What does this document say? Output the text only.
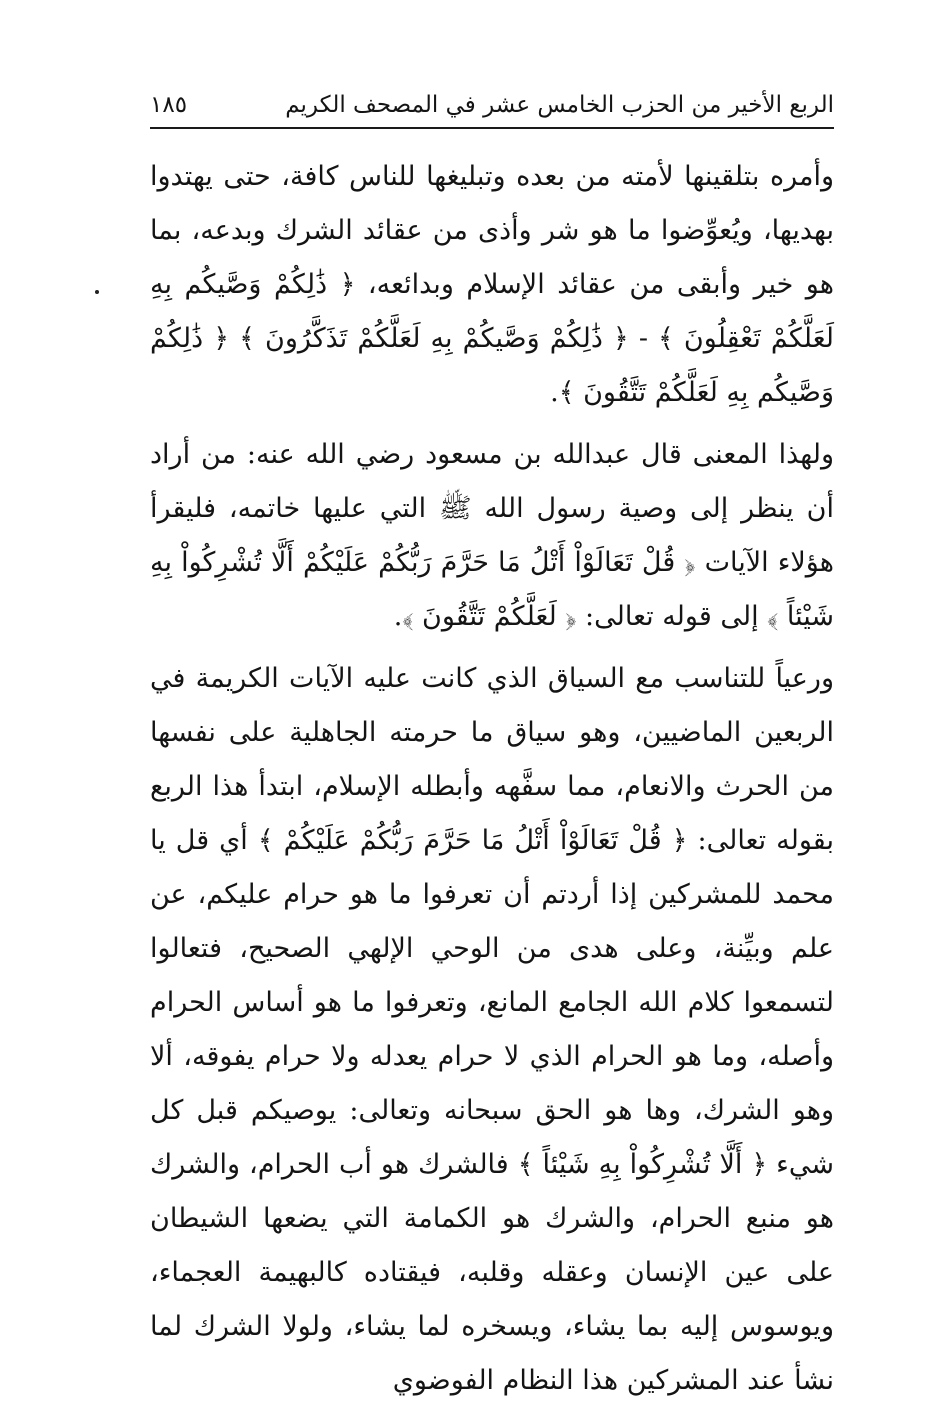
الربع الأخير من الحزب الخامس عشر في المصحف الكريم
١٨٥

وأمره بتلقينها لأمته من بعده وتبليغها للناس كافة، حتى يهتدوا بهديها، ويُعوِّضوا ما هو شر وأذى من عقائد الشرك وبدعه، بما هو خير وأبقى من عقائد الإسلام وبدائعه، ﴿ ذَٰلِكُمْ وَصَّيكُم بِهِ لَعَلَّكُمْ تَعْقِلُونَ ﴾ - ﴿ ذَٰلِكُمْ وَصَّيكُمْ بِهِ لَعَلَّكُمْ تَذَكَّرُونَ ﴾ ﴿ ذَٰلِكُمْ وَصَّيكُم بِهِ لَعَلَّكُمْ تَتَّقُونَ ﴾.

ولهذا المعنى قال عبدالله بن مسعود رضي الله عنه: من أراد أن ينظر إلى وصية رسول الله ﷺ التي عليها خاتمه، فليقرأ هؤلاء الآيات ﴿ قُلْ تَعَالَوْاْ أَتْلُ مَا حَرَّمَ رَبُّكُمْ عَلَيْكُمْ أَلَّا تُشْرِكُواْ بِهِ شَيْئاً ﴾ إلى قوله تعالى: ﴿ لَعَلَّكُمْ تَتَّقُونَ ﴾.

ورعياً للتناسب مع السياق الذي كانت عليه الآيات الكريمة في الربعين الماضيين، وهو سياق ما حرمته الجاهلية على نفسها من الحرث والانعام، مما سفَّهه وأبطله الإسلام، ابتدأ هذا الربع بقوله تعالى: ﴿ قُلْ تَعَالَوْاْ أَتْلُ مَا حَرَّمَ رَبُّكُمْ عَلَيْكُمْ ﴾ أي قل يا محمد للمشركين إذا أردتم أن تعرفوا ما هو حرام عليكم، عن علم وبيِّنة، وعلى هدى من الوحي الإلهي الصحيح، فتعالوا لتسمعوا كلام الله الجامع المانع، وتعرفوا ما هو أساس الحرام وأصله، وما هو الحرام الذي لا حرام يعدله ولا حرام يفوقه، ألا وهو الشرك، وها هو الحق سبحانه وتعالى: يوصيكم قبل كل شيء ﴿ أَلَّا تُشْرِكُواْ بِهِ شَيْئاً ﴾ فالشرك هو أب الحرام، والشرك هو منبع الحرام، والشرك هو الكمامة التي يضعها الشيطان على عين الإنسان وعقله وقلبه، فيقتاده كالبهيمة العجماء، ويوسوس إليه بما يشاء، ويسخره لما يشاء، ولولا الشرك لما نشأ عند المشركين هذا النظام الفوضوي
